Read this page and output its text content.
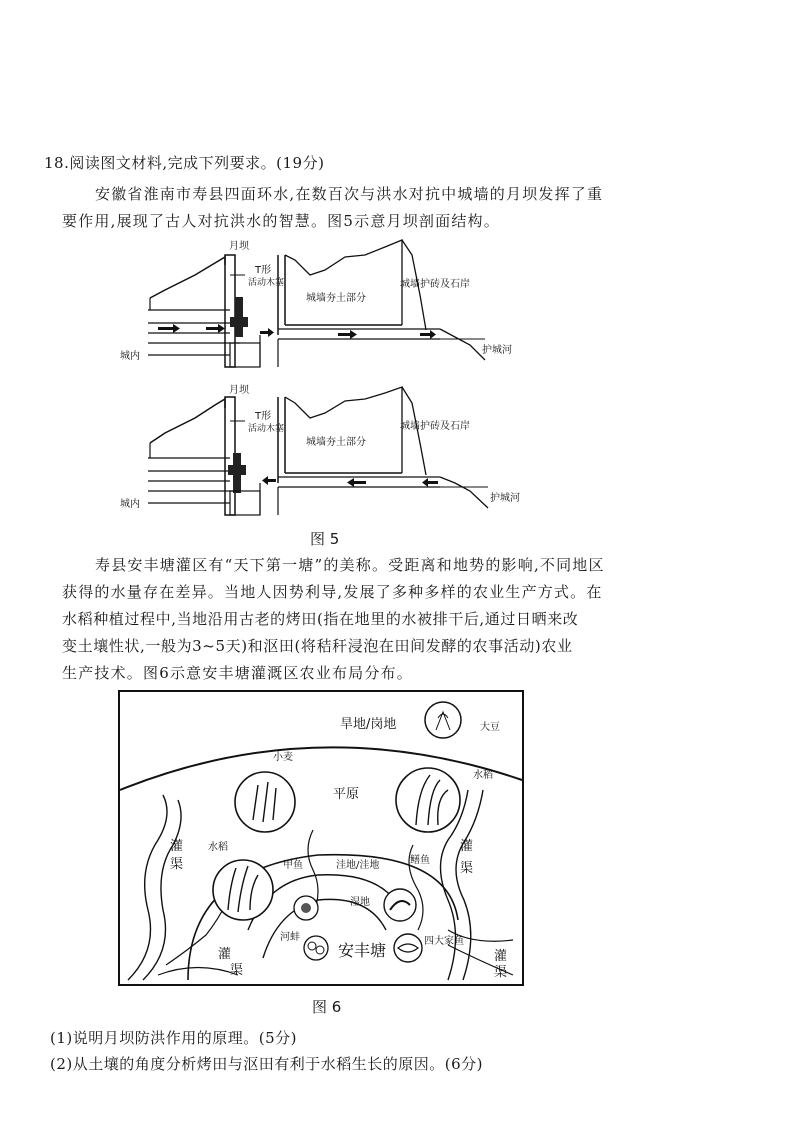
18.阅读图文材料,完成下列要求。(19分)
安徽省淮南市寿县四面环水,在数百次与洪水对抗中城墙的月坝发挥了重
要作用,展现了古人对抗洪水的智慧。图5示意月坝剖面结构。
月坝
T形
活动木塞
城墙夯土部分
城墙护砖及石岸
城内
护城河
月坝
T形
活动木塞
城墙夯土部分
城墙护砖及石岸
城内
护城河
图 5
寿县安丰塘灌区有“天下第一塘”的美称。受距离和地势的影响,不同地区
获得的水量存在差异。当地人因势利导,发展了多种多样的农业生产方式。在
水稻种植过程中,当地沿用古老的烤田(指在地里的水被排干后,通过日晒来改
变土壤性状,一般为3~5天)和沤田(将秸秆浸泡在田间发酵的农事活动)农业
生产技术。图6示意安丰塘灌溉区农业布局分布。
旱地/岗地	大豆
小麦
平原
水稻
灌
渠
灌
渠
水稻
甲鱼	洼地/洼地	鳝鱼
湿地
河蚌
安丰塘	四大家鱼
灌
渠
灌
渠
图 6
(1)说明月坝防洪作用的原理。(5分)
(2)从土壤的角度分析烤田与沤田有利于水稻生长的原因。(6分)
